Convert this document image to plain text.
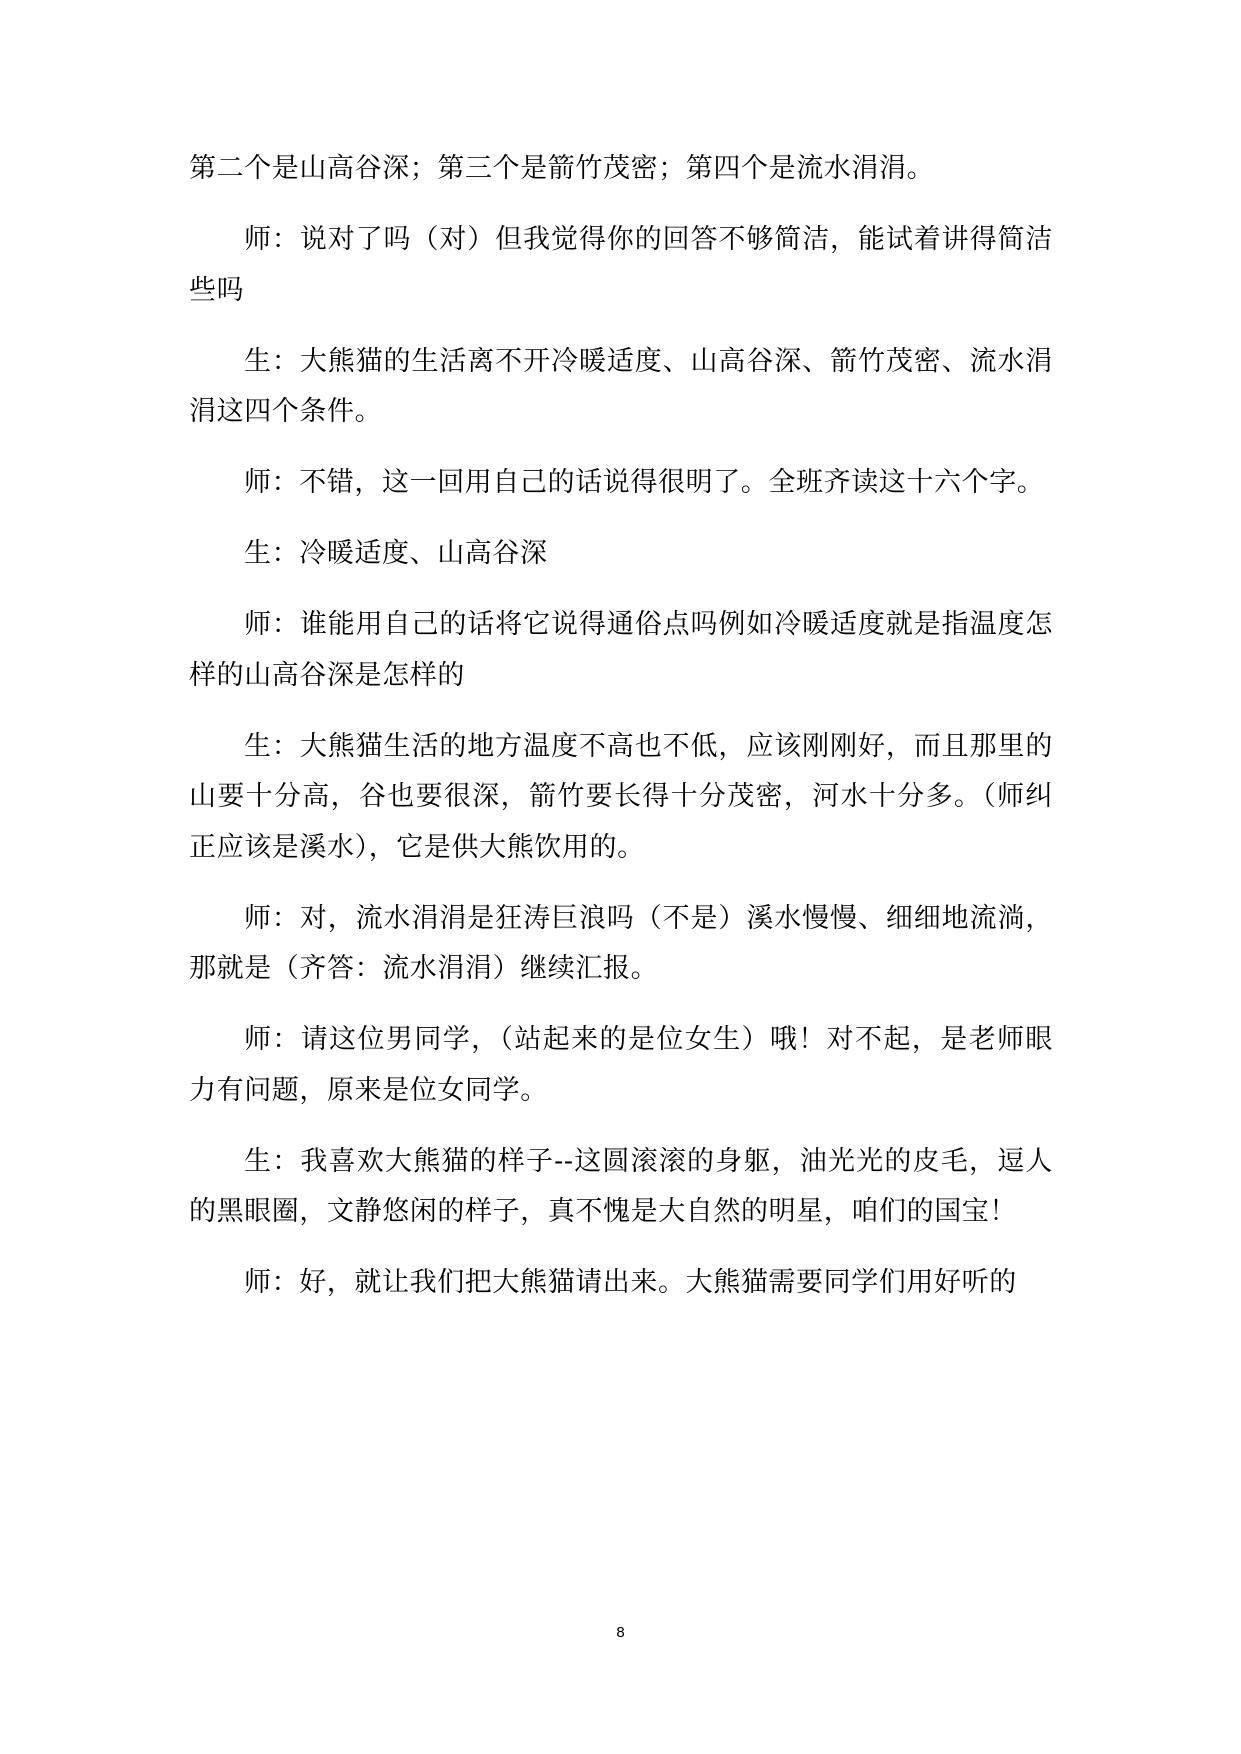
第二个是山高谷深；第三个是箭竹茂密；第四个是流水涓涓。

师：说对了吗（对）但我觉得你的回答不够简洁，能试着讲得简洁些吗

生：大熊猫的生活离不开冷暖适度、山高谷深、箭竹茂密、流水涓涓这四个条件。

师：不错，这一回用自己的话说得很明了。全班齐读这十六个字。

生：冷暖适度、山高谷深

师：谁能用自己的话将它说得通俗点吗例如冷暖适度就是指温度怎样的山高谷深是怎样的

生：大熊猫生活的地方温度不高也不低，应该刚刚好，而且那里的山要十分高，谷也要很深，箭竹要长得十分茂密，河水十分多。（师纠正应该是溪水），它是供大熊饮用的。

师：对，流水涓涓是狂涛巨浪吗（不是）溪水慢慢、细细地流淌，那就是（齐答：流水涓涓）继续汇报。

师：请这位男同学，（站起来的是位女生）哦！对不起，是老师眼力有问题，原来是位女同学。

生：我喜欢大熊猫的样子--这圆滚滚的身躯，油光光的皮毛，逗人的黑眼圈，文静悠闲的样子，真不愧是大自然的明星，咱们的国宝！

师：好，就让我们把大熊猫请出来。大熊猫需要同学们用好听的

8
